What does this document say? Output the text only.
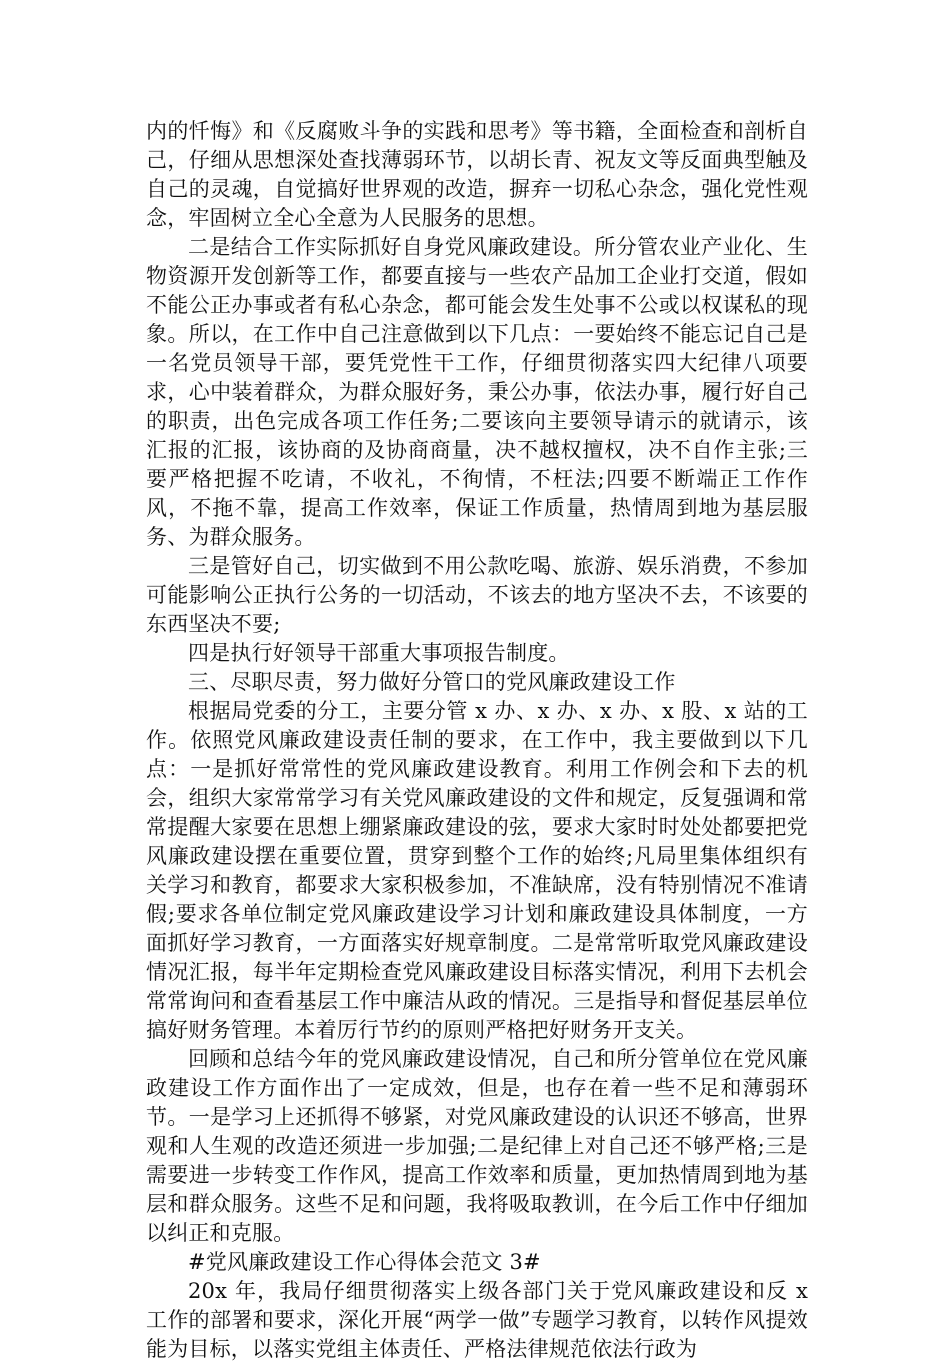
内的忏悔》和《反腐败斗争的实践和思考》等书籍，全面检查和剖析自己，仔细从思想深处查找薄弱环节，以胡长青、祝友文等反面典型触及自己的灵魂，自觉搞好世界观的改造，摒弃一切私心杂念，强化党性观念，牢固树立全心全意为人民服务的思想。

二是结合工作实际抓好自身党风廉政建设。所分管农业产业化、生物资源开发创新等工作，都要直接与一些农产品加工企业打交道，假如不能公正办事或者有私心杂念，都可能会发生处事不公或以权谋私的现象。所以，在工作中自己注意做到以下几点：一要始终不能忘记自己是一名党员领导干部，要凭党性干工作，仔细贯彻落实四大纪律八项要求，心中装着群众，为群众服好务，秉公办事，依法办事，履行好自己的职责，出色完成各项工作任务;二要该向主要领导请示的就请示，该汇报的汇报，该协商的及协商商量，决不越权擅权，决不自作主张;三要严格把握不吃请，不收礼，不徇情，不枉法;四要不断端正工作作风，不拖不靠，提高工作效率，保证工作质量，热情周到地为基层服务、为群众服务。

三是管好自己，切实做到不用公款吃喝、旅游、娱乐消费，不参加可能影响公正执行公务的一切活动，不该去的地方坚决不去，不该要的东西坚决不要;

四是执行好领导干部重大事项报告制度。

三、尽职尽责，努力做好分管口的党风廉政建设工作

根据局党委的分工，主要分管 x 办、x 办、x 办、x 股、x 站的工作。依照党风廉政建设责任制的要求，在工作中，我主要做到以下几点：一是抓好常常性的党风廉政建设教育。利用工作例会和下去的机会，组织大家常常学习有关党风廉政建设的文件和规定，反复强调和常常提醒大家要在思想上绷紧廉政建设的弦，要求大家时时处处都要把党风廉政建设摆在重要位置，贯穿到整个工作的始终;凡局里集体组织有关学习和教育，都要求大家积极参加，不准缺席，没有特别情况不准请假;要求各单位制定党风廉政建设学习计划和廉政建设具体制度，一方面抓好学习教育，一方面落实好规章制度。二是常常听取党风廉政建设情况汇报，每半年定期检查党风廉政建设目标落实情况，利用下去机会常常询问和查看基层工作中廉洁从政的情况。三是指导和督促基层单位搞好财务管理。本着厉行节约的原则严格把好财务开支关。

回顾和总结今年的党风廉政建设情况，自己和所分管单位在党风廉政建设工作方面作出了一定成效，但是，也存在着一些不足和薄弱环节。一是学习上还抓得不够紧，对党风廉政建设的认识还不够高，世界观和人生观的改造还须进一步加强;二是纪律上对自己还不够严格;三是需要进一步转变工作作风，提高工作效率和质量，更加热情周到地为基层和群众服务。这些不足和问题，我将吸取教训，在今后工作中仔细加以纠正和克服。

#党风廉政建设工作心得体会范文 3#

20x 年，我局仔细贯彻落实上级各部门关于党风廉政建设和反 x 工作的部署和要求，深化开展“两学一做”专题学习教育，以转作风提效能为目标，以落实党组主体责任、严格法律规范依法行政为
